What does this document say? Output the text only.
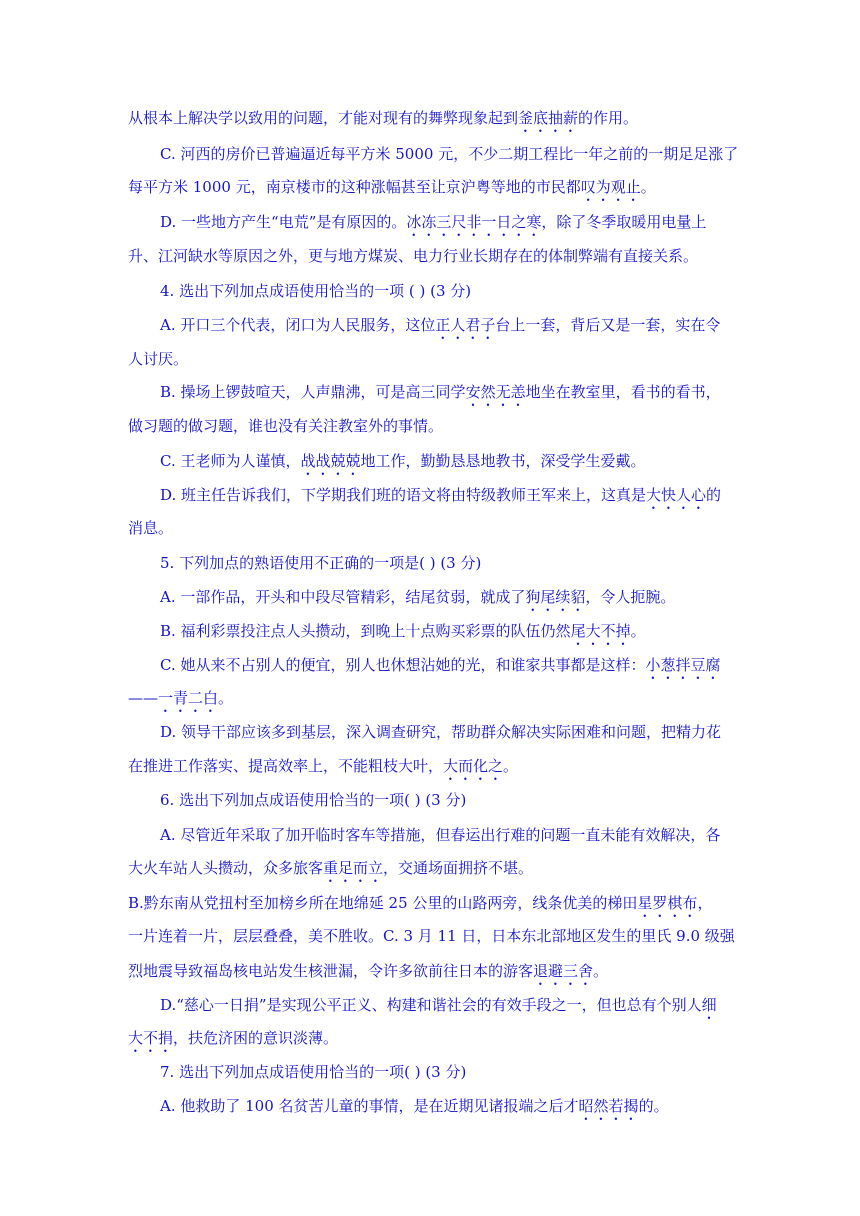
从根本上解决学以致用的问题，才能对现有的舞弊现象起到釜底抽薪的作用。
C. 河西的房价已普遍逼近每平方米 5000 元，不少二期工程比一年之前的一期足足涨了
每平方米 1000 元，南京楼市的这种涨幅甚至让京沪粤等地的市民都叹为观止。
D. 一些地方产生“电荒”是有原因的。冰冻三尺非一日之寒，除了冬季取暖用电量上
升、江河缺水等原因之外，更与地方煤炭、电力行业长期存在的体制弊端有直接关系。
4. 选出下列加点成语使用恰当的一项 ( ) (3 分)
A. 开口三个代表，闭口为人民服务，这位正人君子台上一套，背后又是一套，实在令
人讨厌。
B. 操场上锣鼓喧天，人声鼎沸，可是高三同学安然无恙地坐在教室里，看书的看书，
做习题的做习题，谁也没有关注教室外的事情。
C. 王老师为人谨慎，战战兢兢地工作，勤勤恳恳地教书，深受学生爱戴。
D. 班主任告诉我们，下学期我们班的语文将由特级教师王军来上，这真是大快人心的
消息。
5. 下列加点的熟语使用不正确的一项是( ) (3 分)
A. 一部作品，开头和中段尽管精彩，结尾贫弱，就成了狗尾续貂，令人扼腕。
B. 福利彩票投注点人头攒动，到晚上十点购买彩票的队伍仍然尾大不掉。
C. 她从来不占别人的便宜，别人也休想沾她的光，和谁家共事都是这样：小葱拌豆腐
——一青二白。
D. 领导干部应该多到基层，深入调查研究，帮助群众解决实际困难和问题，把精力花
在推进工作落实、提高效率上，不能粗枝大叶，大而化之。
6. 选出下列加点成语使用恰当的一项( ) (3 分)
A. 尽管近年采取了加开临时客车等措施，但春运出行难的问题一直未能有效解决，各
大火车站人头攒动，众多旅客重足而立，交通场面拥挤不堪。
B.黔东南从党扭村至加榜乡所在地绵延 25 公里的山路两旁，线条优美的梯田星罗棋布，
一片连着一片，层层叠叠，美不胜收。C. 3 月 11 日，日本东北部地区发生的里氏 9.0 级强
烈地震导致福岛核电站发生核泄漏，令许多欲前往日本的游客退避三舍。
D.“慈心一日捐”是实现公平正义、构建和谐社会的有效手段之一，但也总有个别人细
大不捐，扶危济困的意识淡薄。
7. 选出下列加点成语使用恰当的一项( ) (3 分)
A. 他救助了 100 名贫苦儿童的事情，是在近期见诸报端之后才昭然若揭的。
